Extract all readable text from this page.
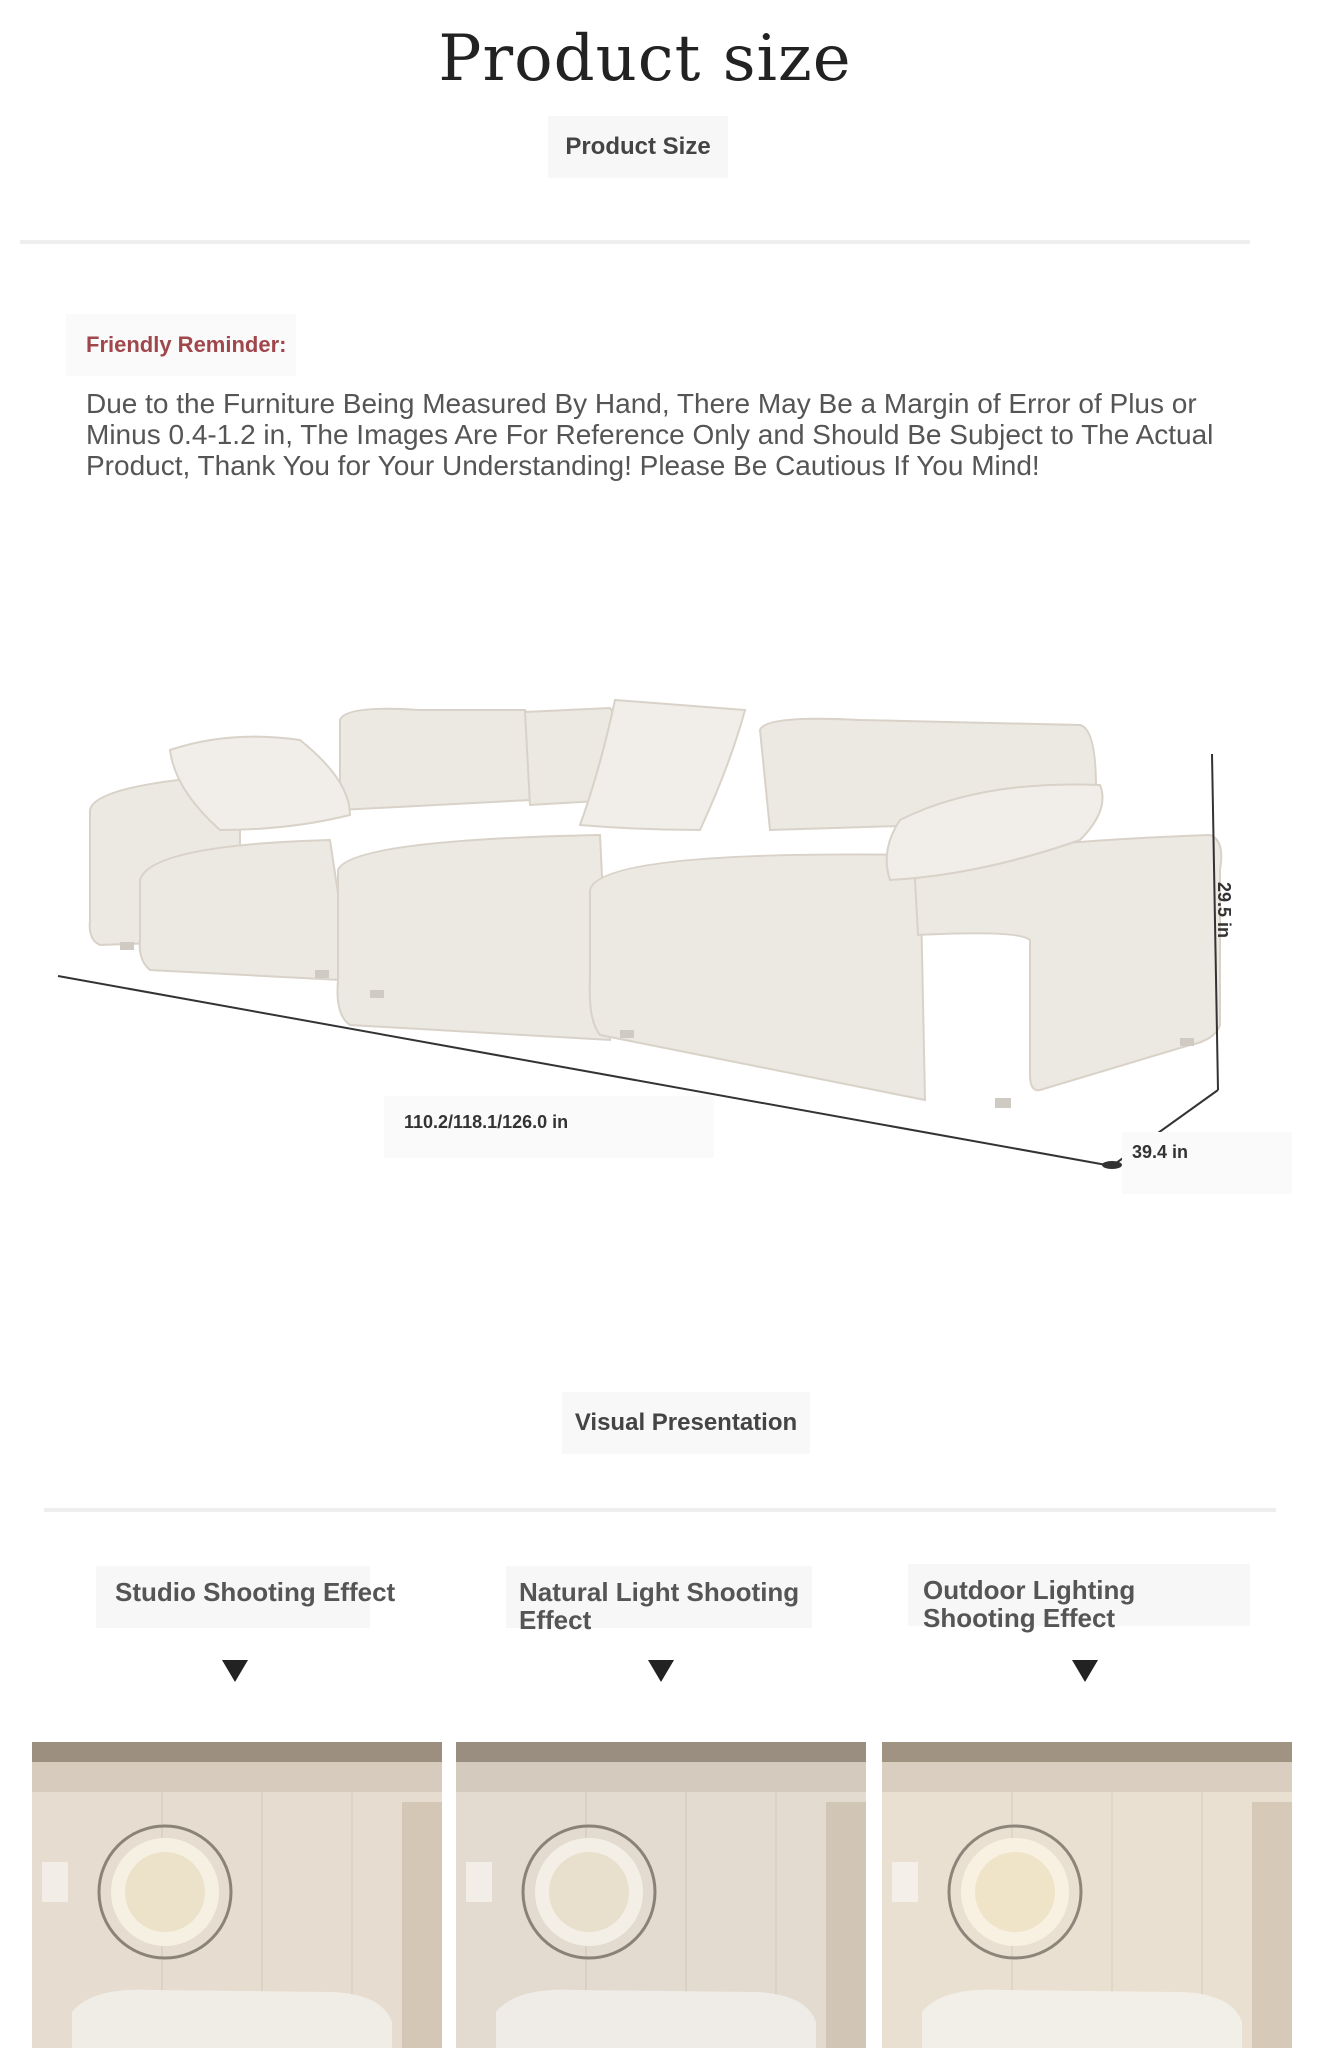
Product size
Product Size
Friendly Reminder:
Due to the Furniture Being Measured By Hand, There May Be a Margin of Error of Plus or Minus 0.4-1.2 in, The Images Are For Reference Only and Should Be Subject to The Actual Product, Thank You for Your Understanding! Please Be Cautious If You Mind!
110.2/118.1/126.0 in
39.4 in
29.5 in
Visual Presentation
Studio Shooting Effect	Natural Light Shooting Effect
Outdoor Lighting Shooting Effect
